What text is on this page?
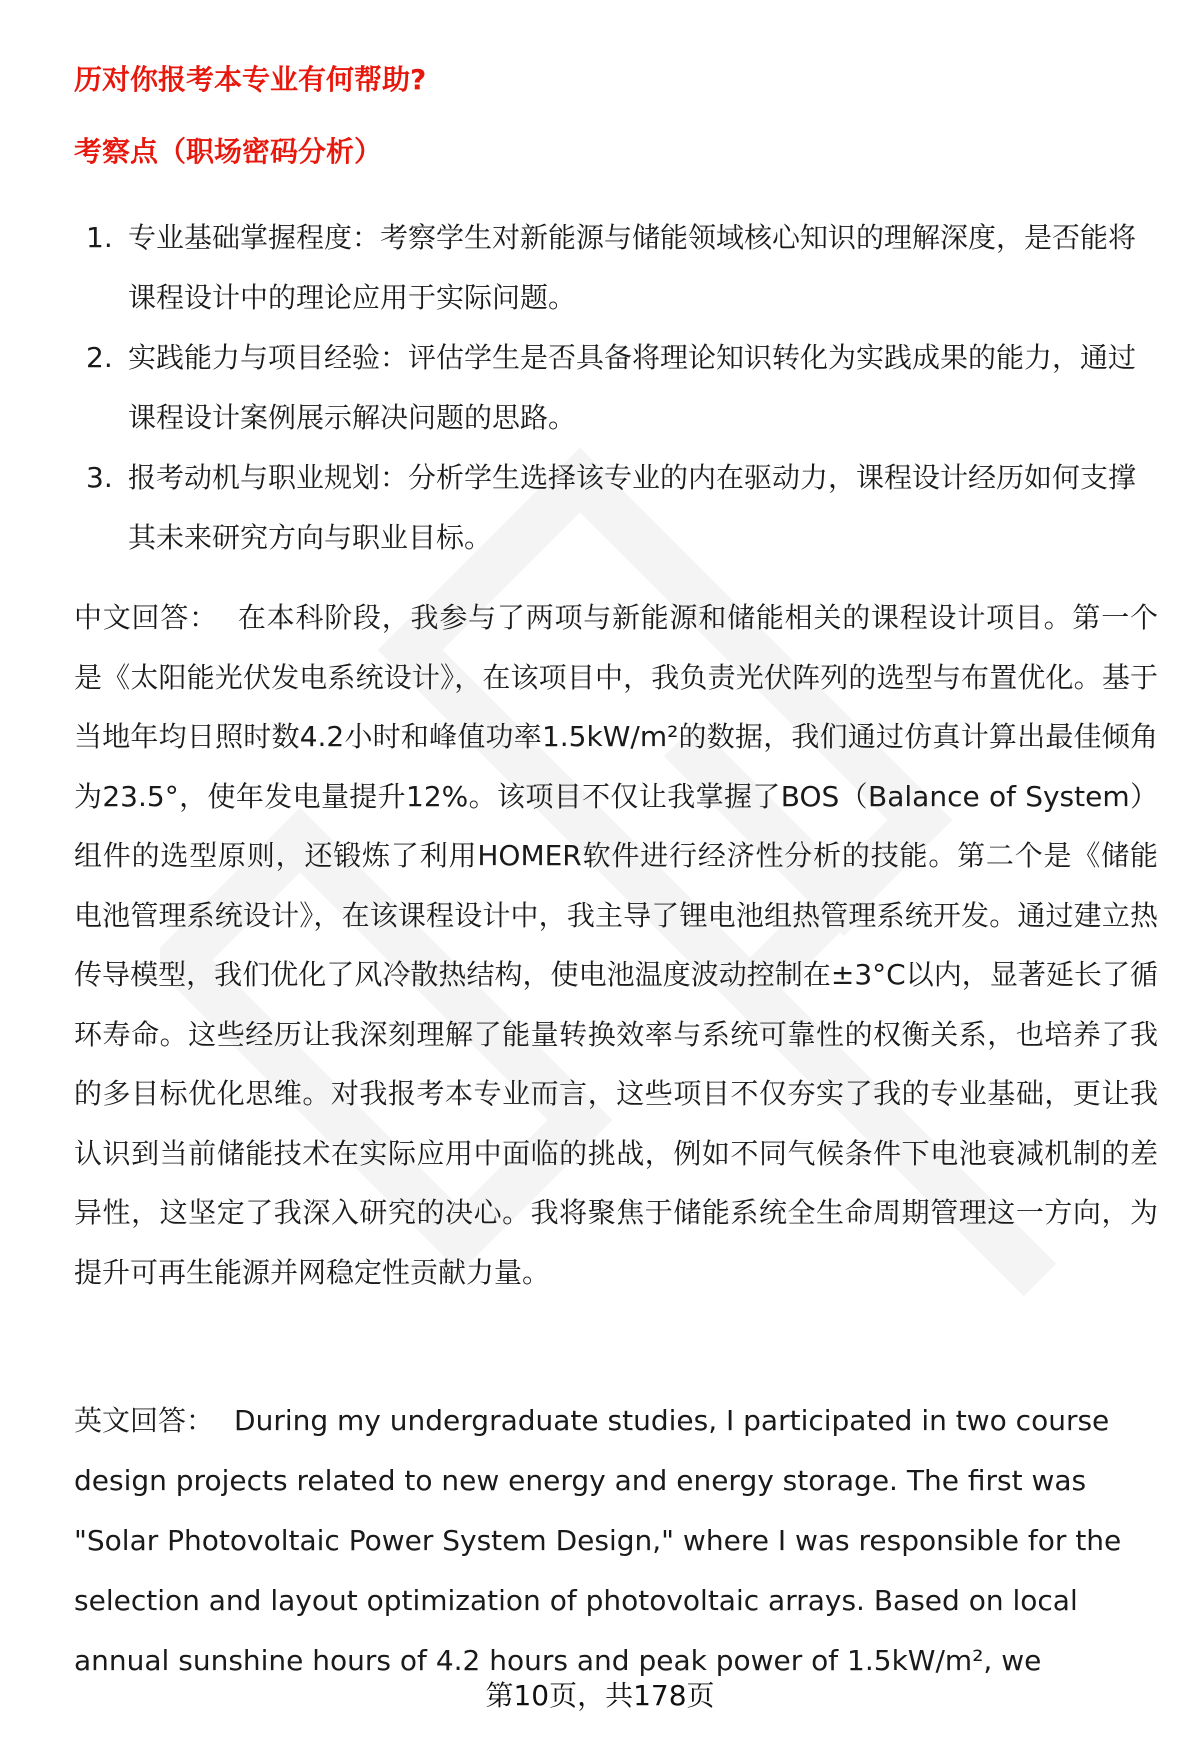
历对你报考本专业有何帮助?
考察点（职场密码分析）
1. 专业基础掌握程度：考察学生对新能源与储能领域核心知识的理解深度，是否能将课程设计中的理论应用于实际问题。
2. 实践能力与项目经验：评估学生是否具备将理论知识转化为实践成果的能力，通过课程设计案例展示解决问题的思路。
3. 报考动机与职业规划：分析学生选择该专业的内在驱动力，课程设计经历如何支撑其未来研究方向与职业目标。

中文回答： 在本科阶段，我参与了两项与新能源和储能相关的课程设计项目。第一个是《太阳能光伏发电系统设计》，在该项目中，我负责光伏阵列的选型与布置优化。基于当地年均日照时数4.2小时和峰值功率1.5kW/m²的数据，我们通过仿真计算出最佳倾角为23.5°，使年发电量提升12%。该项目不仅让我掌握了BOS（Balance of System）组件的选型原则，还锻炼了利用HOMER软件进行经济性分析的技能。第二个是《储能电池管理系统设计》，在该课程设计中，我主导了锂电池组热管理系统开发。通过建立热传导模型，我们优化了风冷散热结构，使电池温度波动控制在±3°C以内，显著延长了循环寿命。这些经历让我深刻理解了能量转换效率与系统可靠性的权衡关系，也培养了我的多目标优化思维。对我报考本专业而言，这些项目不仅夯实了我的专业基础，更让我认识到当前储能技术在实际应用中面临的挑战，例如不同气候条件下电池衰减机制的差异性，这坚定了我深入研究的决心。我将聚焦于储能系统全生命周期管理这一方向，为提升可再生能源并网稳定性贡献力量。

英文回答： During my undergraduate studies, I participated in two course design projects related to new energy and energy storage. The first was "Solar Photovoltaic Power System Design," where I was responsible for the selection and layout optimization of photovoltaic arrays. Based on local annual sunshine hours of 4.2 hours and peak power of 1.5kW/m², we

第10页，共178页
